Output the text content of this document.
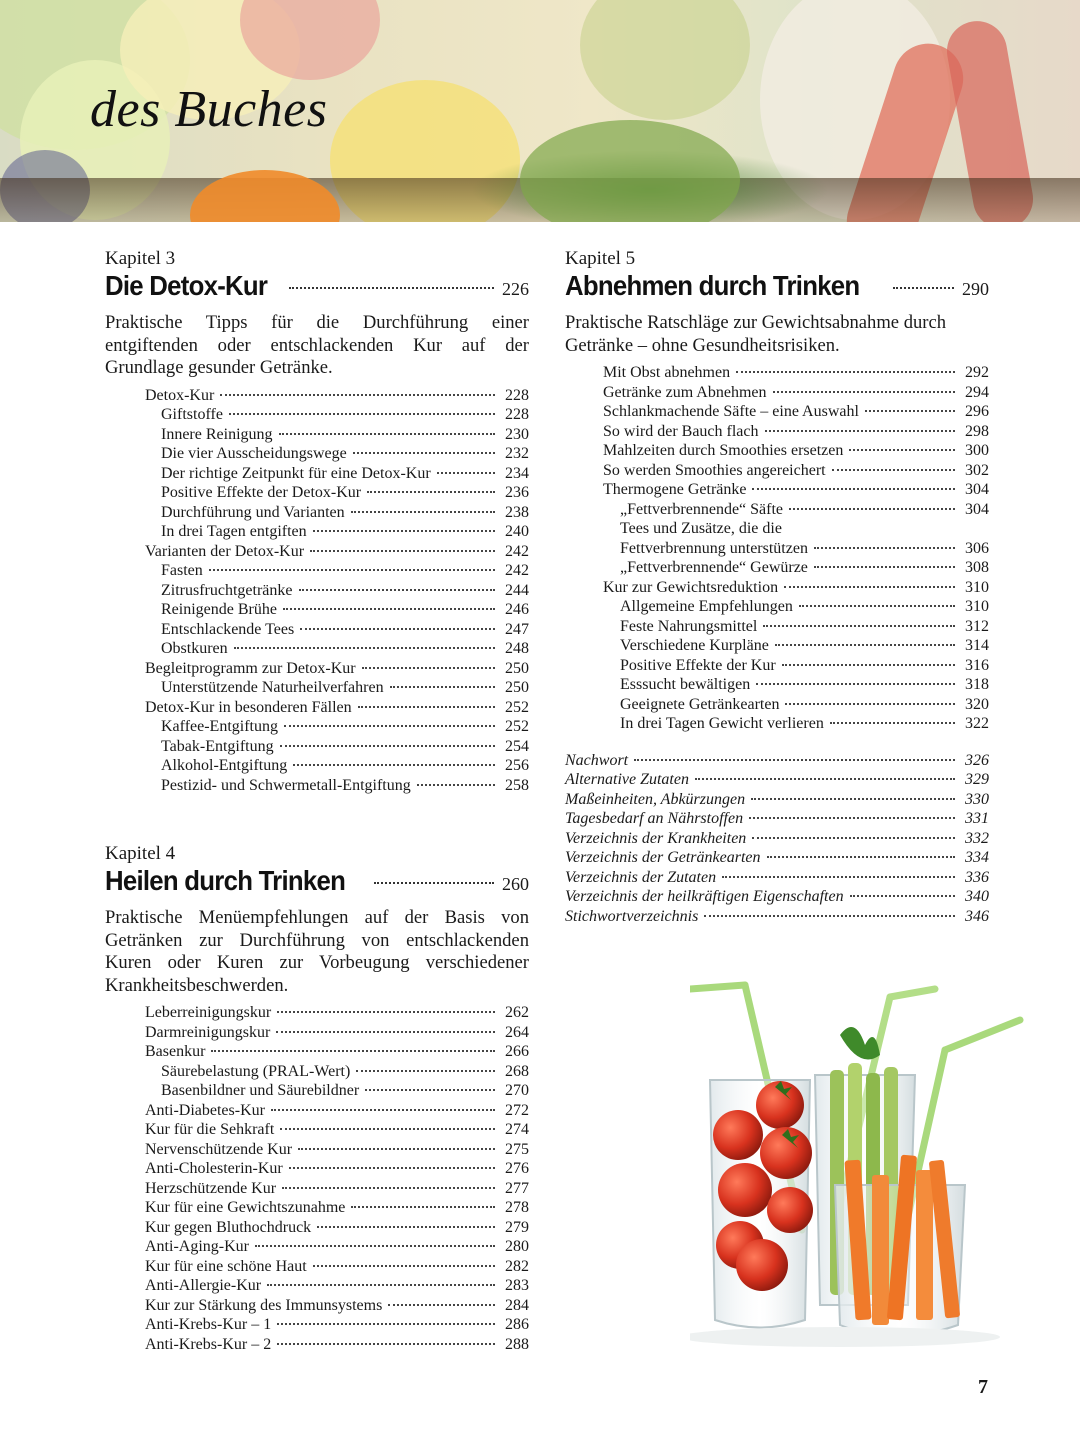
des Buches
Kapitel 3
Die Detox-Kur	226

Praktische Tipps für die Durchführung einer entgiftenden oder entschlackenden Kur auf der Grundlage gesunder Getränke.

Detox-Kur	228
Giftstoffe	228
Innere Reinigung	230
Die vier Ausscheidungswege	232
Der richtige Zeitpunkt für eine Detox-Kur	234
Positive Effekte der Detox-Kur	236
Durchführung und Varianten	238
In drei Tagen entgiften	240
Varianten der Detox-Kur	242
Fasten	242
Zitrusfruchtgetränke	244
Reinigende Brühe	246
Entschlackende Tees	247
Obstkuren	248
Begleitprogramm zur Detox-Kur	250
Unterstützende Naturheilverfahren	250
Detox-Kur in besonderen Fällen	252
Kaffee-Entgiftung	252
Tabak-Entgiftung	254
Alkohol-Entgiftung	256
Pestizid- und Schwermetall-Entgiftung	258
Kapitel 4
Heilen durch Trinken	260

Praktische Menüempfehlungen auf der Basis von Getränken zur Durchführung von entschlackenden Kuren oder Kuren zur Vorbeugung verschiedener Krankheitsbeschwerden.

Leberreinigungskur	262
Darmreinigungskur	264
Basenkur	266
Säurebelastung (PRAL-Wert)	268
Basenbildner und Säurebildner	270
Anti-Diabetes-Kur	272
Kur für die Sehkraft	274
Nervenschützende Kur	275
Anti-Cholesterin-Kur	276
Herzschützende Kur	277
Kur für eine Gewichtszunahme	278
Kur gegen Bluthochdruck	279
Anti-Aging-Kur	280
Kur für eine schöne Haut	282
Anti-Allergie-Kur	283
Kur zur Stärkung des Immunsystems	284
Anti-Krebs-Kur – 1	286
Anti-Krebs-Kur – 2	288
Kapitel 5
Abnehmen durch Trinken	290

Praktische Ratschläge zur Gewichtsabnahme durch Getränke – ohne Gesundheitsrisiken.

Mit Obst abnehmen	292
Getränke zum Abnehmen	294
Schlankmachende Säfte – eine Auswahl	296
So wird der Bauch flach	298
Mahlzeiten durch Smoothies ersetzen	300
So werden Smoothies angereichert	302
Thermogene Getränke	304
„Fettverbrennende“ Säfte	304
Tees und Zusätze, die die
Fettverbrennung unterstützen	306
„Fettverbrennende“ Gewürze	308
Kur zur Gewichtsreduktion	310
Allgemeine Empfehlungen	310
Feste Nahrungsmittel	312
Verschiedene Kurpläne	314
Positive Effekte der Kur	316
Esssucht bewältigen	318
Geeignete Getränkearten	320
In drei Tagen Gewicht verlieren	322
Nachwort	326
Alternative Zutaten	329
Maßeinheiten, Abkürzungen	330
Tagesbedarf an Nährstoffen	331
Verzeichnis der Krankheiten	332
Verzeichnis der Getränkearten	334
Verzeichnis der Zutaten	336
Verzeichnis der heilkräftigen Eigenschaften	340
Stichwortverzeichnis	346
7
